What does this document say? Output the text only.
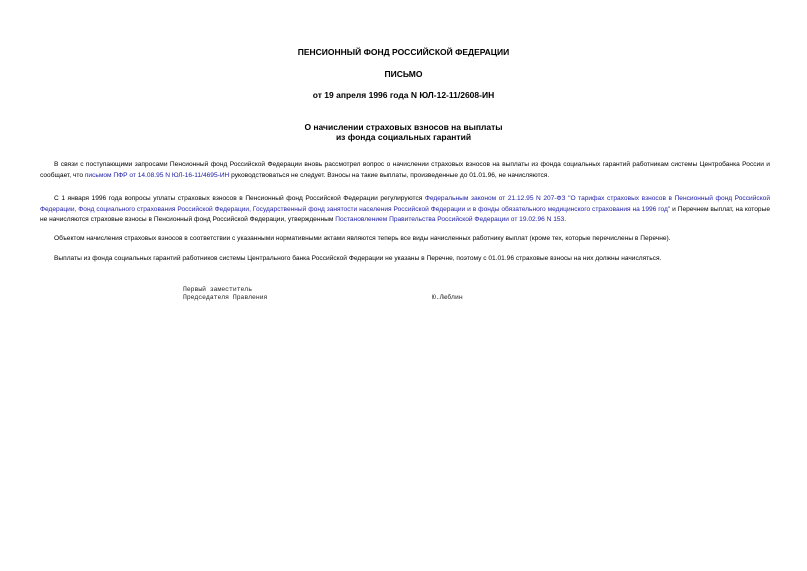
ПЕНСИОННЫЙ ФОНД РОССИЙСКОЙ ФЕДЕРАЦИИ

ПИСЬМО

от 19 апреля 1996 года N ЮЛ-12-11/2608-ИН

О начислении страховых взносов на выплаты

из фонда социальных гарантий

В связи с поступающими запросами Пенсионный фонд Российской Федерации вновь рассмотрел вопрос о начислении страховых взносов на выплаты из фонда социальных гарантий работникам системы Центробанка России и сообщает, что письмом ПФР от 14.08.95 N ЮЛ-16-11/4695-ИН руководствоваться не следует. Взносы на такие выплаты, произведенные до 01.01.96, не начисляются.

С 1 января 1996 года вопросы уплаты страховых взносов в Пенсионный фонд Российской Федерации регулируются Федеральным законом от 21.12.95 N 207-ФЗ "О тарифах страховых взносов в Пенсионный фонд Российской Федерации, Фонд социального страхования Российской Федерации, Государственный фонд занятости населения Российской Федерации и в фонды обязательного медицинского страхования на 1996 год" и Перечнем выплат, на которые не начисляются страховые взносы в Пенсионный фонд Российской Федерации, утвержденным Постановлением Правительства Российской Федерации от 19.02.96 N 153.

Объектом начисления страховых взносов в соответствии с указанными нормативными актами являются теперь все виды начисленных работнику выплат (кроме тех, которые перечислены в Перечне).

Выплаты из фонда социальных гарантий работников системы Центрального банка Российской Федерации не указаны в Перечне, поэтому с 01.01.96 страховые взносы на них должны начисляться.

Первый заместитель

Председателя Правления	Ю.Люблин
